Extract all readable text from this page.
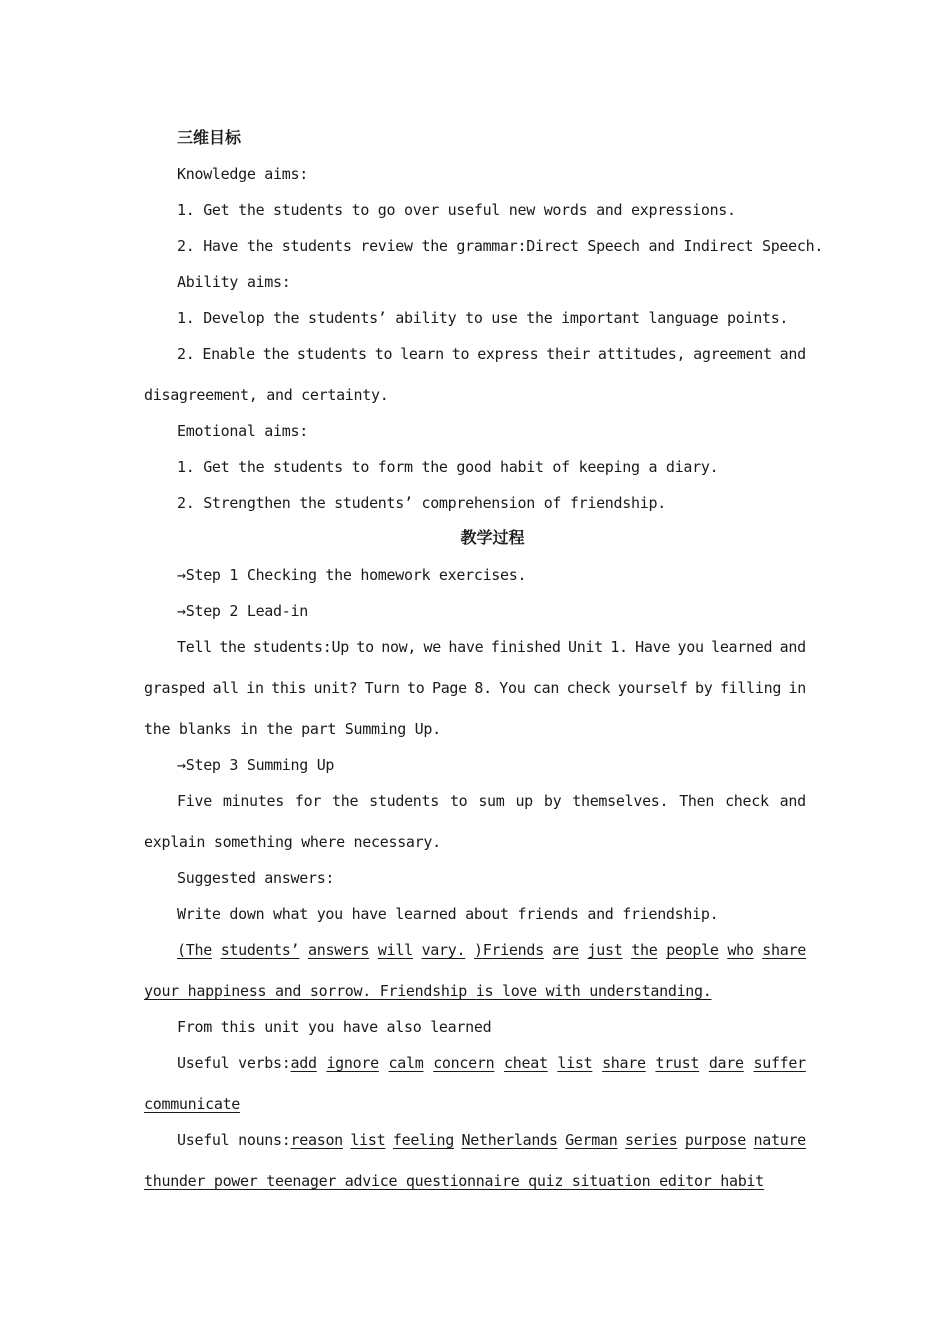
三维目标
Knowledge aims:
1. Get the students to go over useful new words and expressions.
2. Have the students review the grammar:Direct Speech and Indirect Speech.
Ability aims:
1. Develop the students’ ability to use the important language points.
2. Enable the students to learn to express their attitudes, agreement and
disagreement, and certainty.
Emotional aims:
1. Get the students to form the good habit of keeping a diary.
2. Strengthen the students’ comprehension of friendship.
教学过程
→Step 1 Checking the homework exercises.
→Step 2 Lead-in
Tell the students:Up to now, we have finished Unit 1. Have you learned and
grasped all in this unit? Turn to Page 8. You can check yourself by filling in
the blanks in the part Summing Up.
→Step 3 Summing Up
Five minutes for the students to sum up by themselves. Then check and
explain something where necessary.
Suggested answers:
Write down what you have learned about friends and friendship.
(The students’ answers will vary. )Friends are just the people who share
your happiness and sorrow. Friendship is love with understanding.
From this unit you have also learned
Useful verbs:add ignore calm concern cheat list share trust dare suffer
communicate
Useful nouns:reason list feeling Netherlands German series purpose nature
thunder power teenager advice questionnaire quiz situation editor habit
